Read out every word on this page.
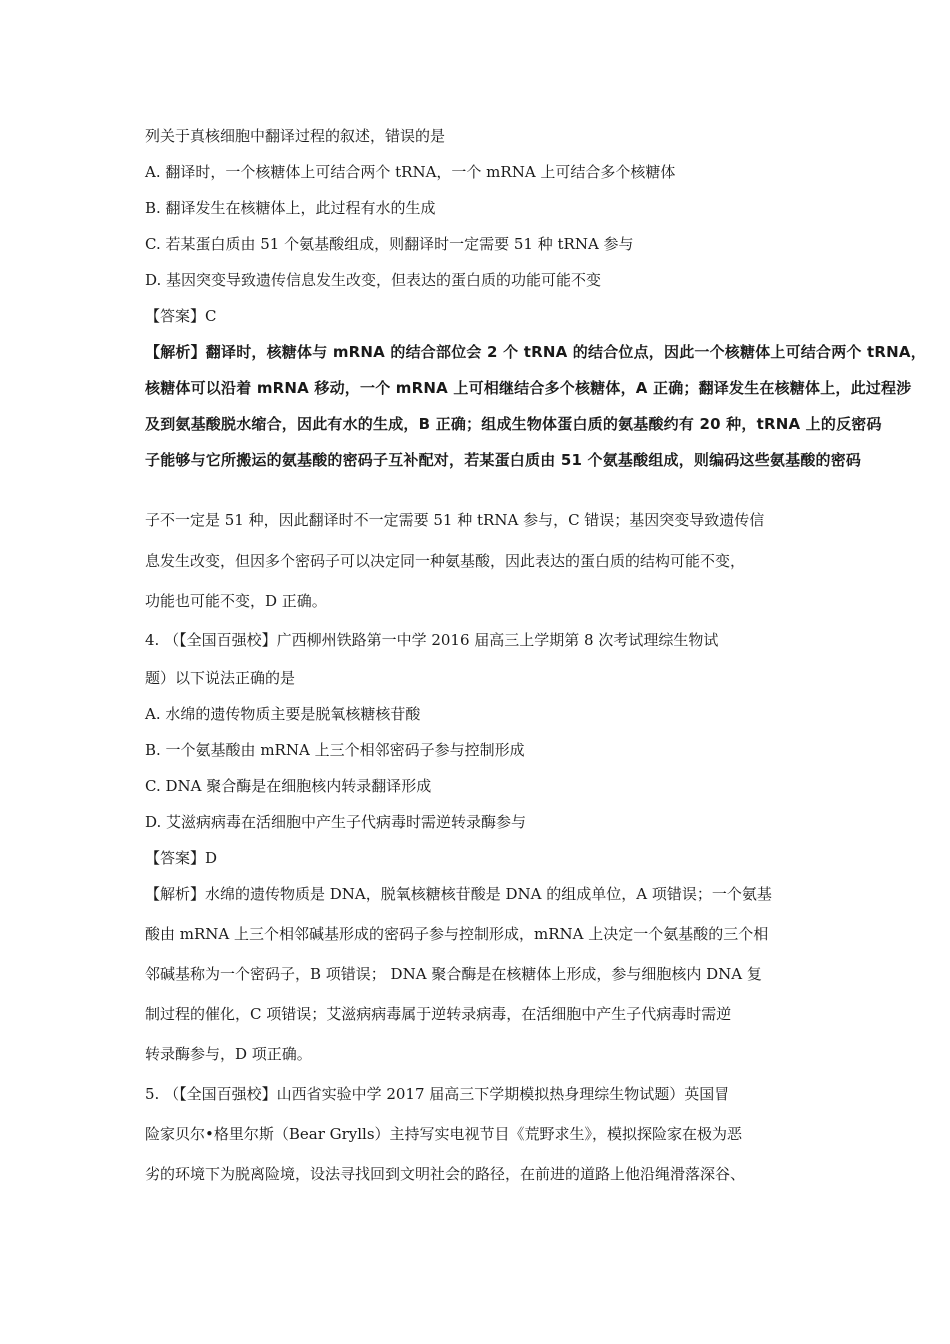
列关于真核细胞中翻译过程的叙述，错误的是
A. 翻译时，一个核糖体上可结合两个 tRNA，一个 mRNA 上可结合多个核糖体
B. 翻译发生在核糖体上，此过程有水的生成
C. 若某蛋白质由 51 个氨基酸组成，则翻译时一定需要 51 种 tRNA 参与
D. 基因突变导致遗传信息发生改变，但表达的蛋白质的功能可能不变
【答案】C
【解析】翻译时，核糖体与 mRNA 的结合部位会 2 个 tRNA 的结合位点，因此一个核糖体上可结合两个 tRNA，
核糖体可以沿着 mRNA 移动，一个 mRNA 上可相继结合多个核糖体，A 正确；翻译发生在核糖体上，此过程涉
及到氨基酸脱水缩合，因此有水的生成，B 正确；组成生物体蛋白质的氨基酸约有 20 种，tRNA 上的反密码
子能够与它所搬运的氨基酸的密码子互补配对，若某蛋白质由 51 个氨基酸组成，则编码这些氨基酸的密码
子不一定是 51 种，因此翻译时不一定需要 51 种 tRNA 参与，C 错误；基因突变导致遗传信
息发生改变，但因多个密码子可以决定同一种氨基酸，因此表达的蛋白质的结构可能不变，
功能也可能不变，D 正确。
4. （【全国百强校】广西柳州铁路第一中学 2016 届高三上学期第 8 次考试理综生物试
题）以下说法正确的是
A. 水绵的遗传物质主要是脱氧核糖核苷酸
B. 一个氨基酸由 mRNA 上三个相邻密码子参与控制形成
C. DNA 聚合酶是在细胞核内转录翻译形成
D. 艾滋病病毒在活细胞中产生子代病毒时需逆转录酶参与
【答案】D
【解析】水绵的遗传物质是 DNA，脱氧核糖核苷酸是 DNA 的组成单位，A 项错误；一个氨基
酸由 mRNA 上三个相邻碱基形成的密码子参与控制形成，mRNA 上决定一个氨基酸的三个相
邻碱基称为一个密码子，B 项错误； DNA 聚合酶是在核糖体上形成，参与细胞核内 DNA 复
制过程的催化，C 项错误；艾滋病病毒属于逆转录病毒，在活细胞中产生子代病毒时需逆
转录酶参与，D 项正确。
5. （【全国百强校】山西省实验中学 2017 届高三下学期模拟热身理综生物试题）英国冒
险家贝尔•格里尔斯（Bear Grylls）主持写实电视节目《荒野求生》，模拟探险家在极为恶
劣的环境下为脱离险境，设法寻找回到文明社会的路径，在前进的道路上他沿绳滑落深谷、
